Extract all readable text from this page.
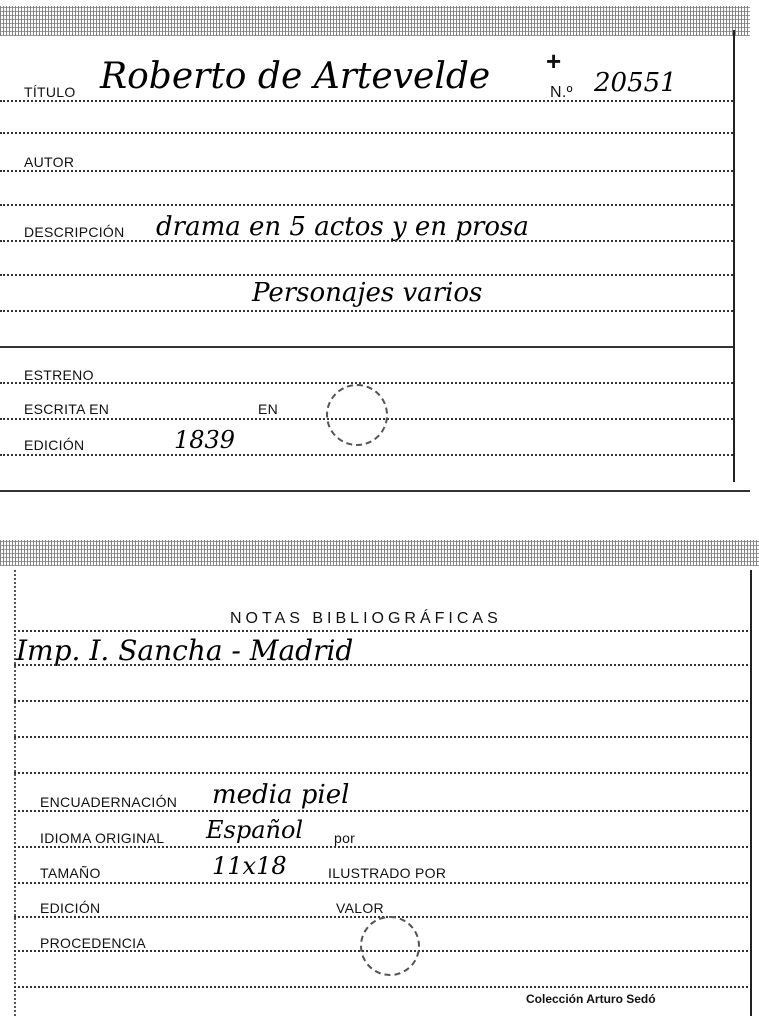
TÍTULO Roberto de Artevelde +
N.º 20551
AUTOR
DESCRIPCIÓN drama en 5 actos y en prosa
Personajes varios
ESTRENO
ESCRITA EN	EN
EDICIÓN	1839
NOTAS BIBLIOGRÁFICAS
Imp. I. Sancha - Madrid
ENCUADERNACIÓN media piel
IDIOMA ORIGINAL Español por
TAMAÑO	11x18	ILUSTRADO POR
EDICIÓN	VALOR
PROCEDENCIA
Colección Arturo Sedó
